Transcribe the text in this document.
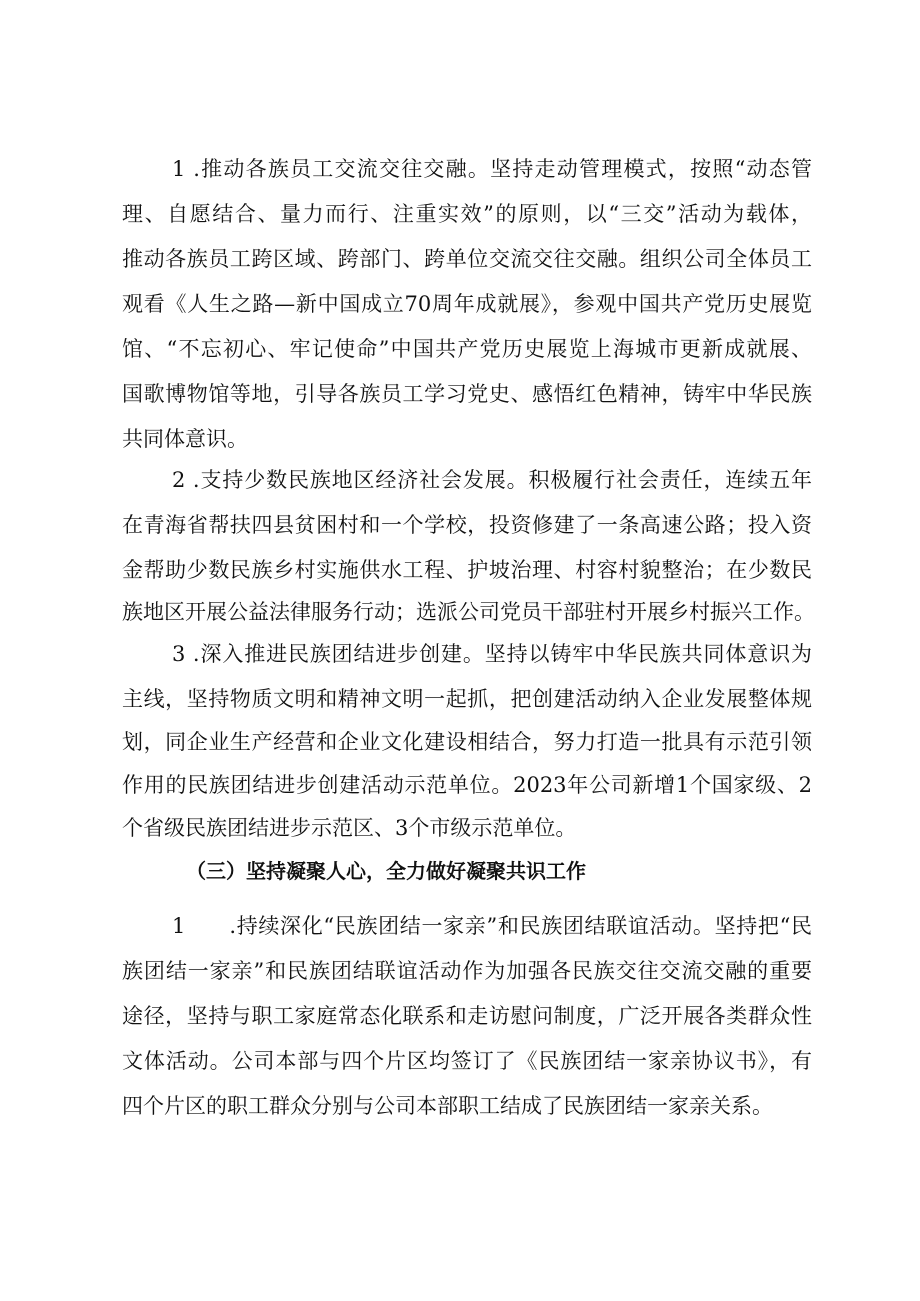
1 .推动各族员工交流交往交融。坚持走动管理模式，按照“动态管
理、自愿结合、量力而行、注重实效”的原则，以“三交”活动为载体，
推动各族员工跨区域、跨部门、跨单位交流交往交融。组织公司全体员工
观看《人生之路—新中国成立70周年成就展》，参观中国共产党历史展览
馆、“不忘初心、牢记使命”中国共产党历史展览上海城市更新成就展、
国歌博物馆等地，引导各族员工学习党史、感悟红色精神，铸牢中华民族
共同体意识。
2 .支持少数民族地区经济社会发展。积极履行社会责任，连续五年
在青海省帮扶四县贫困村和一个学校，投资修建了一条高速公路；投入资
金帮助少数民族乡村实施供水工程、护坡治理、村容村貌整治；在少数民
族地区开展公益法律服务行动；选派公司党员干部驻村开展乡村振兴工作。
3 .深入推进民族团结进步创建。坚持以铸牢中华民族共同体意识为
主线，坚持物质文明和精神文明一起抓，把创建活动纳入企业发展整体规
划，同企业生产经营和企业文化建设相结合，努力打造一批具有示范引领
作用的民族团结进步创建活动示范单位。2023年公司新增1个国家级、2
个省级民族团结进步示范区、3个市级示范单位。
（三）坚持凝聚人心，全力做好凝聚共识工作
1　　.持续深化“民族团结一家亲”和民族团结联谊活动。坚持把“民
族团结一家亲”和民族团结联谊活动作为加强各民族交往交流交融的重要
途径，坚持与职工家庭常态化联系和走访慰问制度，广泛开展各类群众性
文体活动。公司本部与四个片区均签订了《民族团结一家亲协议书》，有
四个片区的职工群众分别与公司本部职工结成了民族团结一家亲关系。
